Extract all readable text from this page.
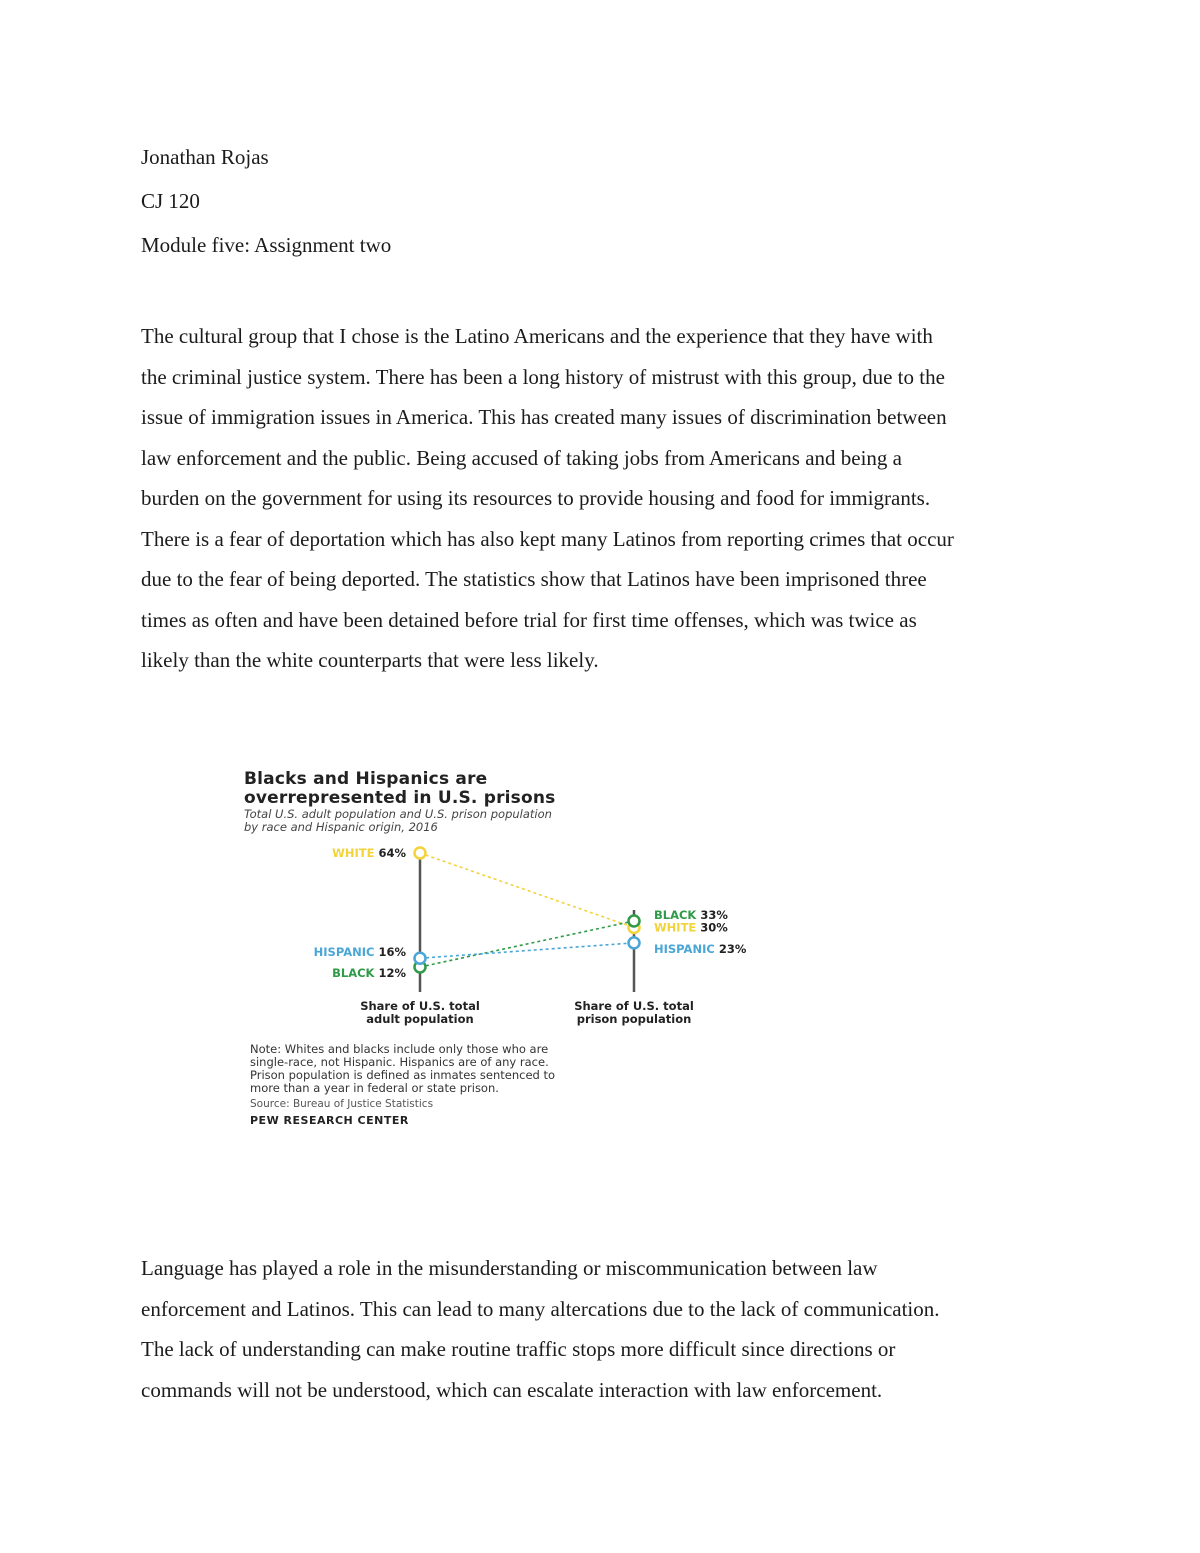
Jonathan Rojas
CJ 120
Module five: Assignment two
The cultural group that I chose is the Latino Americans and the experience that they have with
the criminal justice system. There has been a long history of mistrust with this group, due to the
issue of immigration issues in America. This has created many issues of discrimination between
law enforcement and the public. Being accused of taking jobs from Americans and being a
burden on the government for using its resources to provide housing and food for immigrants.
There is a fear of deportation which has also kept many Latinos from reporting crimes that occur
due to the fear of being deported. The statistics show that Latinos have been imprisoned three
times as often and have been detained before trial for first time offenses, which was twice as
likely than the white counterparts that were less likely.
Blacks and Hispanics are
overrepresented in U.S. prisons
Total U.S. adult population and U.S. prison population
by race and Hispanic origin, 2016
WHITE 64%
WHITE 30%
BLACK 12%
BLACK 33%
HISPANIC 16%	HISPANIC 23%
Share of U.S. total
adult population
Share of U.S. total
prison population
Note: Whites and blacks include only those who are
single-race, not Hispanic. Hispanics are of any race.
Prison population is defined as inmates sentenced to
more than a year in federal or state prison.
Source: Bureau of Justice Statistics
PEW RESEARCH CENTER
Language has played a role in the misunderstanding or miscommunication between law
enforcement and Latinos. This can lead to many altercations due to the lack of communication.
The lack of understanding can make routine traffic stops more difficult since directions or
commands will not be understood, which can escalate interaction with law enforcement.
